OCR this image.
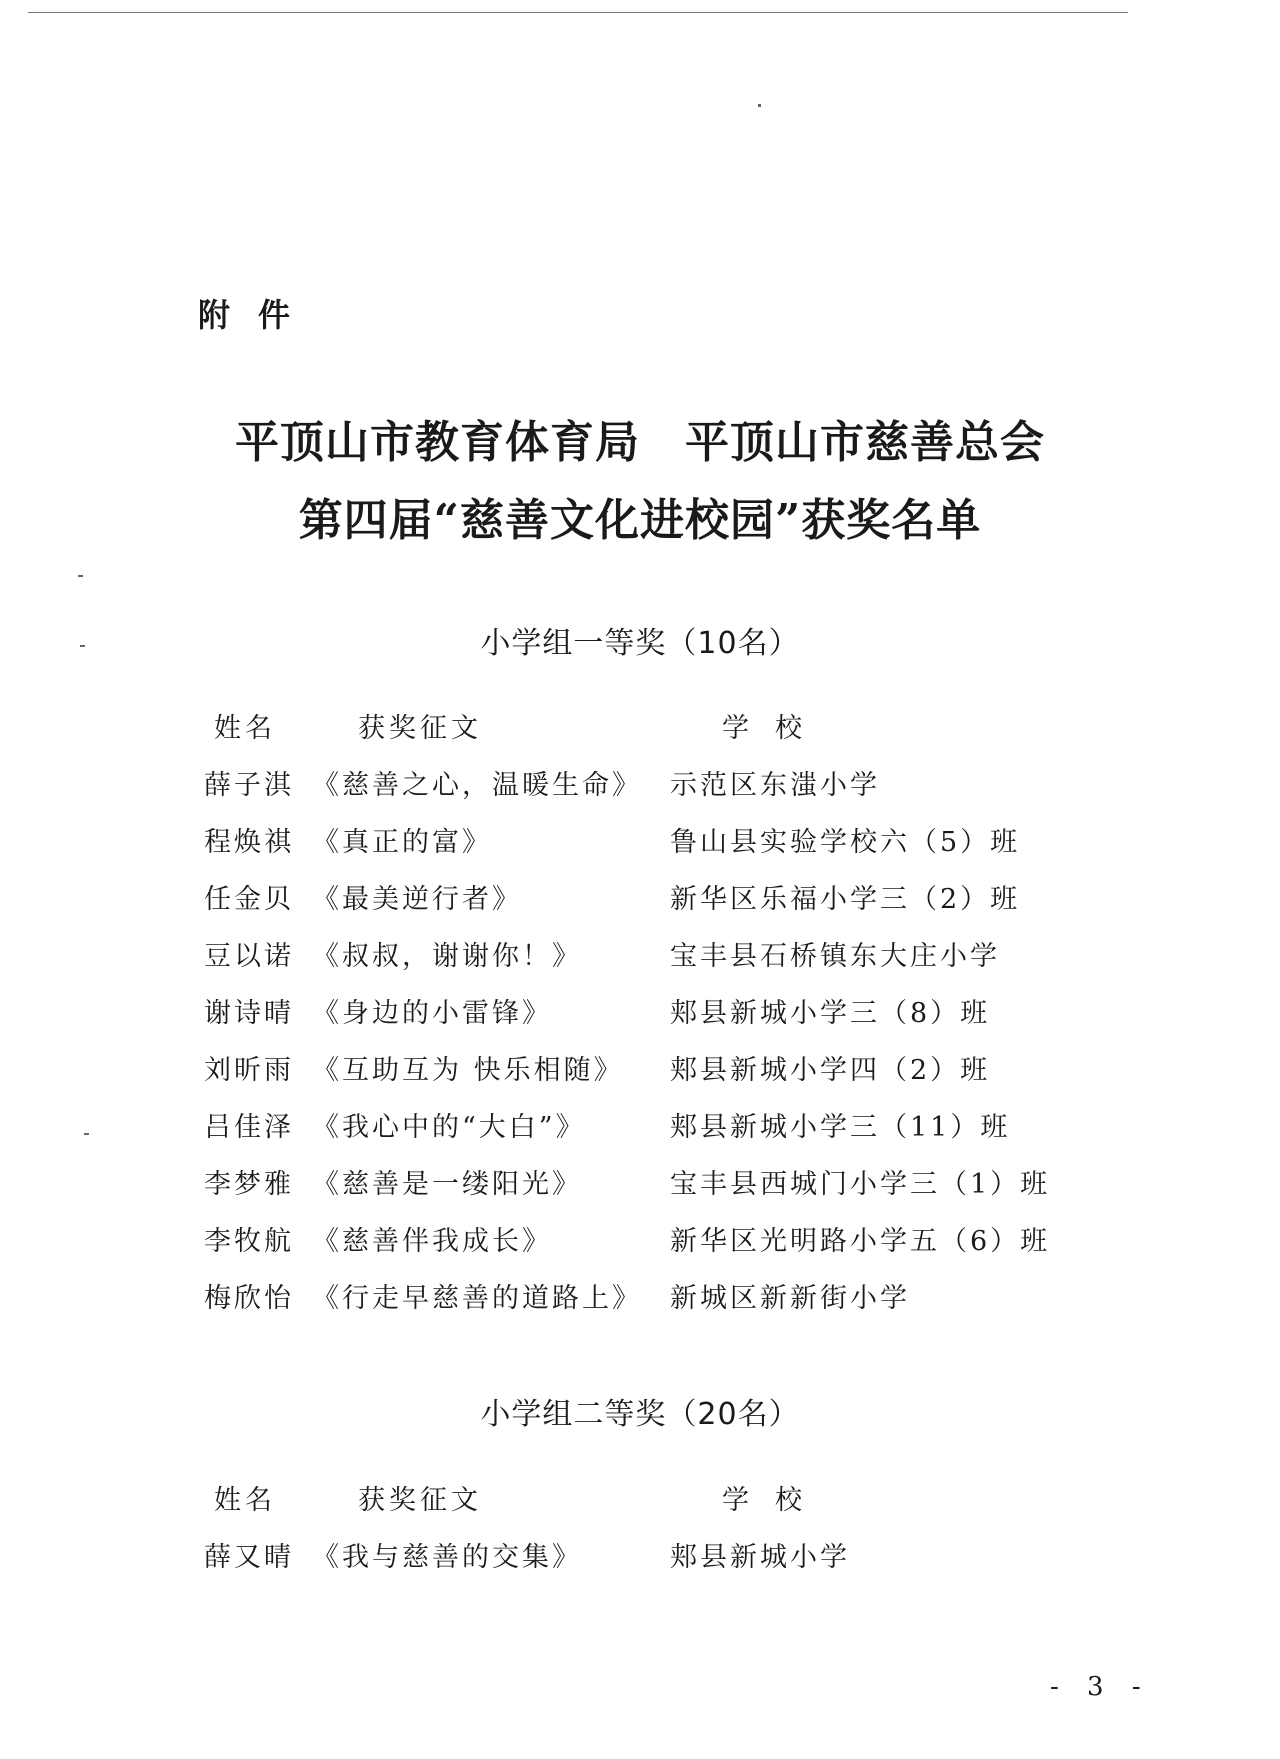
附件
平顶山市教育体育局　平顶山市慈善总会
第四届“慈善文化进校园”获奖名单
小学组一等奖（10名）
姓名	获奖征文	学校
薛子淇 《慈善之心，温暖生命》 示范区东滍小学
程焕祺 《真正的富》	鲁山县实验学校六（5）班
任金贝 《最美逆行者》	新华区乐福小学三（2）班
豆以诺 《叔叔，谢谢你！》	宝丰县石桥镇东大庄小学
谢诗晴 《身边的小雷锋》	郏县新城小学三（8）班
刘昕雨 《互助互为 快乐相随》 郏县新城小学四（2）班
吕佳泽 《我心中的“大白”》	郏县新城小学三（11）班
李梦雅 《慈善是一缕阳光》	宝丰县西城门小学三（1）班
李牧航 《慈善伴我成长》	新华区光明路小学五（6）班
梅欣怡 《行走早慈善的道路上》 新城区新新街小学
小学组二等奖（20名）
姓名	获奖征文	学校
薛又晴 《我与慈善的交集》	郏县新城小学
- 3 -
